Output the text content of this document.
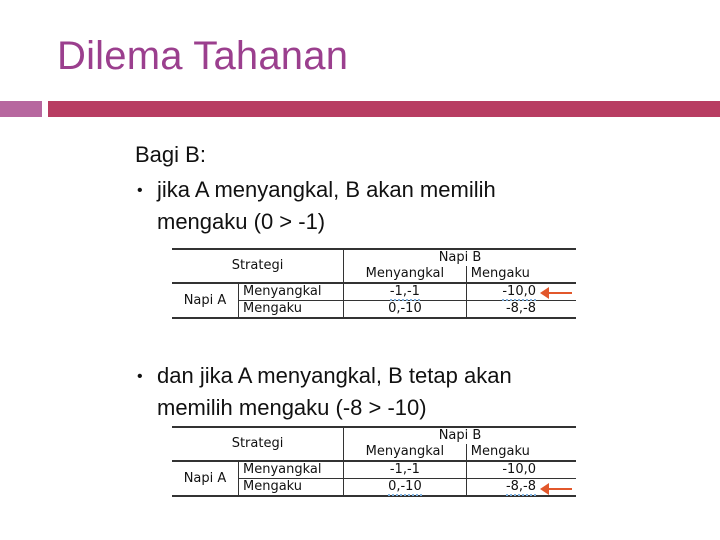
Dilema Tahanan
Bagi B:
• jika A menyangkal, B akan memilih
mengaku (0 > -1)
Strategi		Napi B	
		Menyangkal	Mengaku
Napi A	Menyangkal	-1,-1	-10,0
	Mengaku	0,-10	-8,-8
• dan jika A menyangkal, B tetap akan
memilih mengaku (-8 > -10)
Strategi		Napi B	
		Menyangkal	Mengaku
Napi A	Menyangkal	-1,-1	-10,0
	Mengaku	0,-10	-8,-8
